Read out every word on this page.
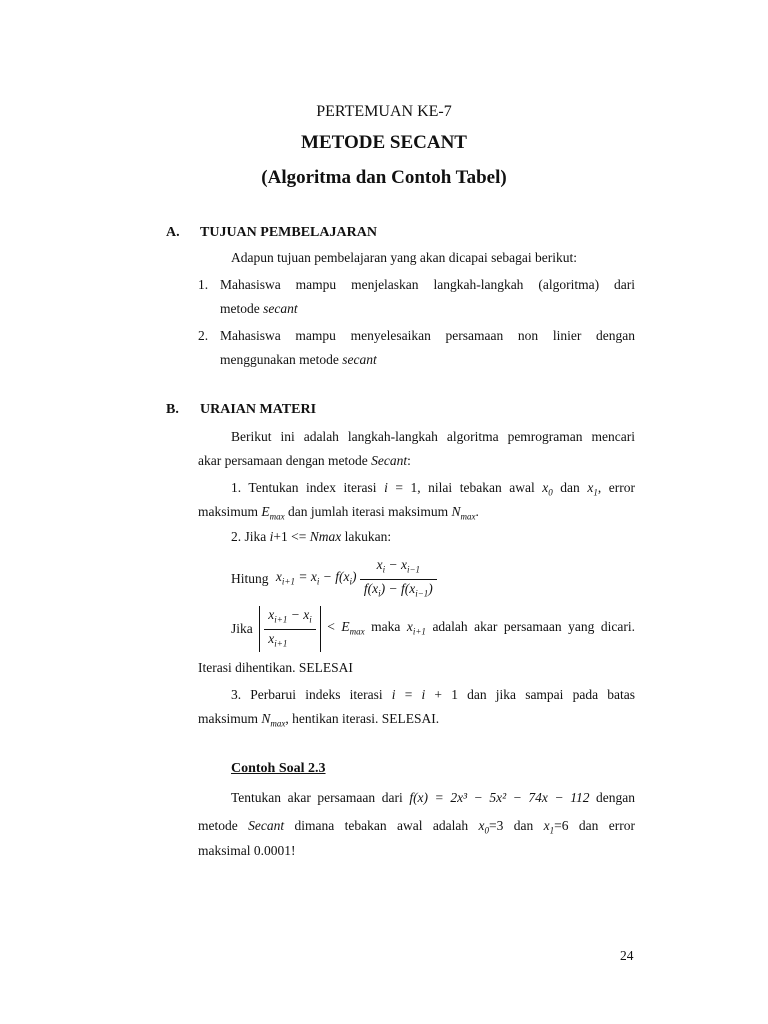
PERTEMUAN KE-7
METODE SECANT
(Algoritma dan Contoh Tabel)
A. TUJUAN PEMBELAJARAN
Adapun tujuan pembelajaran yang akan dicapai sebagai berikut:
1. Mahasiswa mampu menjelaskan langkah-langkah (algoritma) dari
metode secant
2. Mahasiswa mampu menyelesaikan persamaan non linier dengan
menggunakan metode secant
B. URAIAN MATERI
Berikut ini adalah langkah-langkah algoritma pemrograman mencari
akar persamaan dengan metode Secant:
1. Tentukan index iterasi i = 1, nilai tebakan awal $x_0$ dan $x_1$, error
maksimum $E_{max}$ dan jumlah iterasi maksimum $N_{max}$.
2. Jika i+1 <= Nmax lakukan:
Hitung $x_{i+1} = x_i - f(x_i) \frac{x_i - x_{i-1}}{f(x_i) - f(x_{i-1})}$
Jika $\frac{x_{i+1} - x_i}{x_{i+1}} < E_{max}$ maka $x_{i+1}$ adalah akar persamaan yang dicari.
Iterasi dihentikan. SELESAI
3. Perbarui indeks iterasi i = i + 1 dan jika sampai pada batas
maksimum $N_{max}$, hentikan iterasi. SELESAI.
Contoh Soal 2.3
Tentukan akar persamaan dari f(x) = 2x³ − 5x² − 74x − 112 dengan
metode Secant dimana tebakan awal adalah $x_0=3$ dan $x_1=6$ dan error
maksimal 0.0001!
24
